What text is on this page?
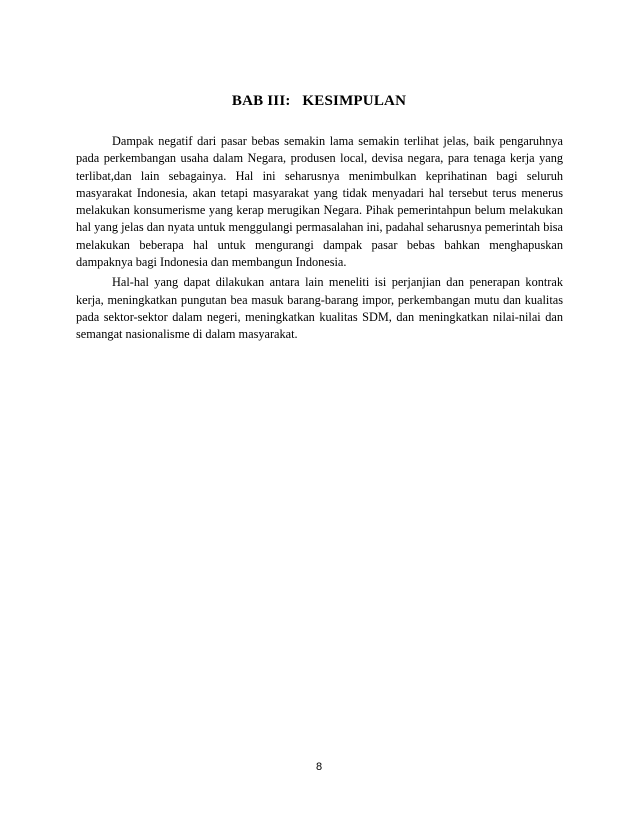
BAB III:   KESIMPULAN

Dampak negatif dari pasar bebas semakin lama semakin terlihat jelas, baik pengaruhnya pada perkembangan usaha dalam Negara, produsen local, devisa negara, para tenaga kerja yang terlibat,dan lain sebagainya. Hal ini seharusnya menimbulkan keprihatinan bagi seluruh masyarakat Indonesia, akan tetapi masyarakat yang tidak menyadari hal tersebut terus menerus melakukan konsumerisme yang kerap merugikan Negara. Pihak pemerintahpun belum melakukan hal yang jelas dan nyata untuk menggulangi permasalahan ini, padahal seharusnya pemerintah bisa melakukan beberapa hal untuk mengurangi dampak pasar bebas bahkan menghapuskan dampaknya bagi Indonesia dan membangun Indonesia.

Hal-hal yang dapat dilakukan antara lain meneliti isi perjanjian dan penerapan kontrak kerja, meningkatkan pungutan bea masuk barang-barang impor, perkembangan mutu dan kualitas pada sektor-sektor dalam negeri, meningkatkan kualitas SDM, dan meningkatkan nilai-nilai dan semangat nasionalisme di dalam masyarakat.

8
